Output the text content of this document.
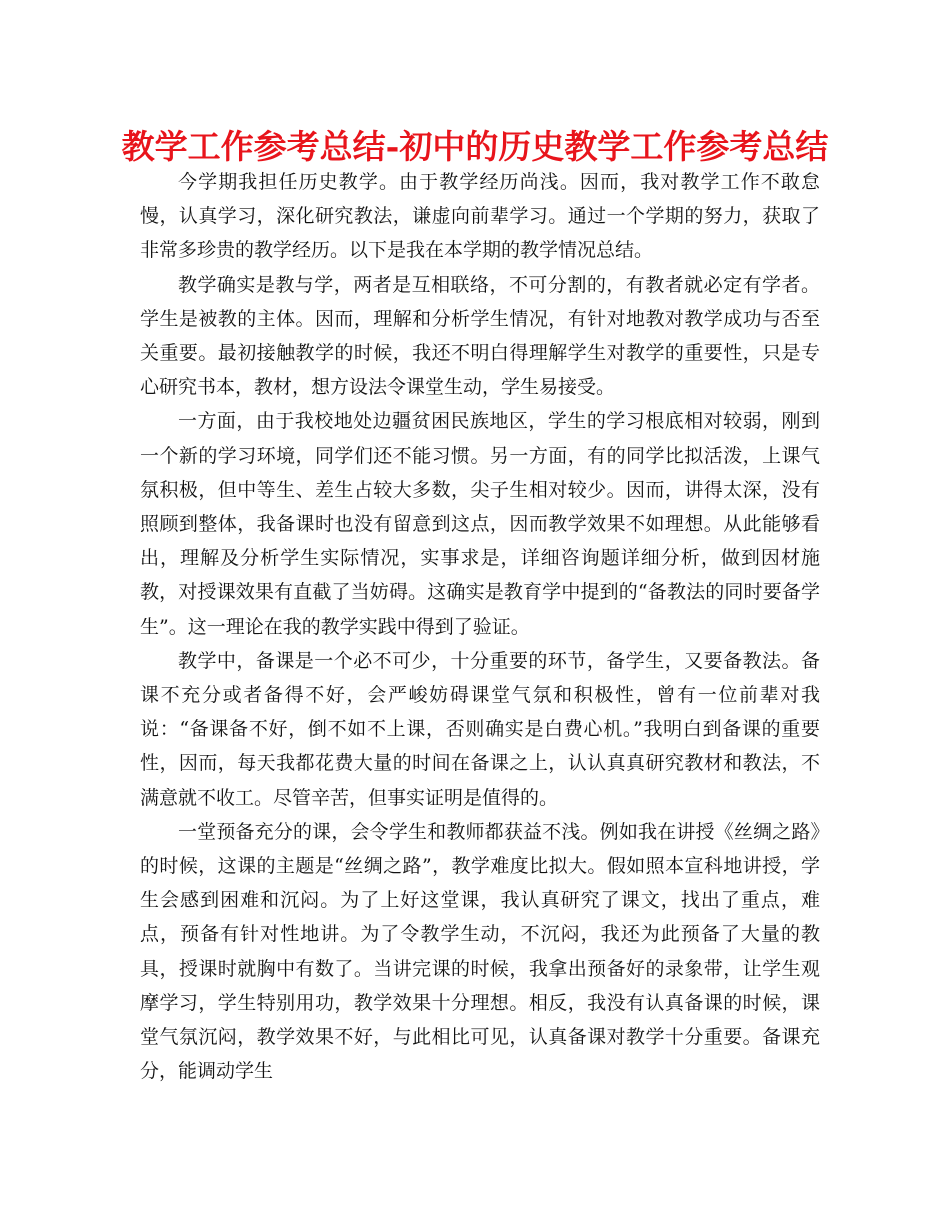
教学工作参考总结-初中的历史教学工作参考总结

今学期我担任历史教学。由于教学经历尚浅。因而，我对教学工作不敢怠慢，认真学习，深化研究教法，谦虚向前辈学习。通过一个学期的努力，获取了非常多珍贵的教学经历。以下是我在本学期的教学情况总结。

教学确实是教与学，两者是互相联络，不可分割的，有教者就必定有学者。学生是被教的主体。因而，理解和分析学生情况，有针对地教对教学成功与否至关重要。最初接触教学的时候，我还不明白得理解学生对教学的重要性，只是专心研究书本，教材，想方设法令课堂生动，学生易接受。

一方面，由于我校地处边疆贫困民族地区，学生的学习根底相对较弱，刚到一个新的学习环境，同学们还不能习惯。另一方面，有的同学比拟活泼，上课气氛积极，但中等生、差生占较大多数，尖子生相对较少。因而，讲得太深，没有照顾到整体，我备课时也没有留意到这点，因而教学效果不如理想。从此能够看出，理解及分析学生实际情况，实事求是，详细咨询题详细分析，做到因材施教，对授课效果有直截了当妨碍。这确实是教育学中提到的“备教法的同时要备学生”。这一理论在我的教学实践中得到了验证。

教学中，备课是一个必不可少，十分重要的环节，备学生，又要备教法。备课不充分或者备得不好，会严峻妨碍课堂气氛和积极性，曾有一位前辈对我说：“备课备不好，倒不如不上课，否则确实是白费心机。”我明白到备课的重要性，因而，每天我都花费大量的时间在备课之上，认认真真研究教材和教法，不满意就不收工。尽管辛苦，但事实证明是值得的。

一堂预备充分的课，会令学生和教师都获益不浅。例如我在讲授《丝绸之路》的时候，这课的主题是“丝绸之路”，教学难度比拟大。假如照本宣科地讲授，学生会感到困难和沉闷。为了上好这堂课，我认真研究了课文，找出了重点，难点，预备有针对性地讲。为了令教学生动，不沉闷，我还为此预备了大量的教具，授课时就胸中有数了。当讲完课的时候，我拿出预备好的录象带，让学生观摩学习，学生特别用功，教学效果十分理想。相反，我没有认真备课的时候，课堂气氛沉闷，教学效果不好，与此相比可见，认真备课对教学十分重要。备课充分，能调动学生
